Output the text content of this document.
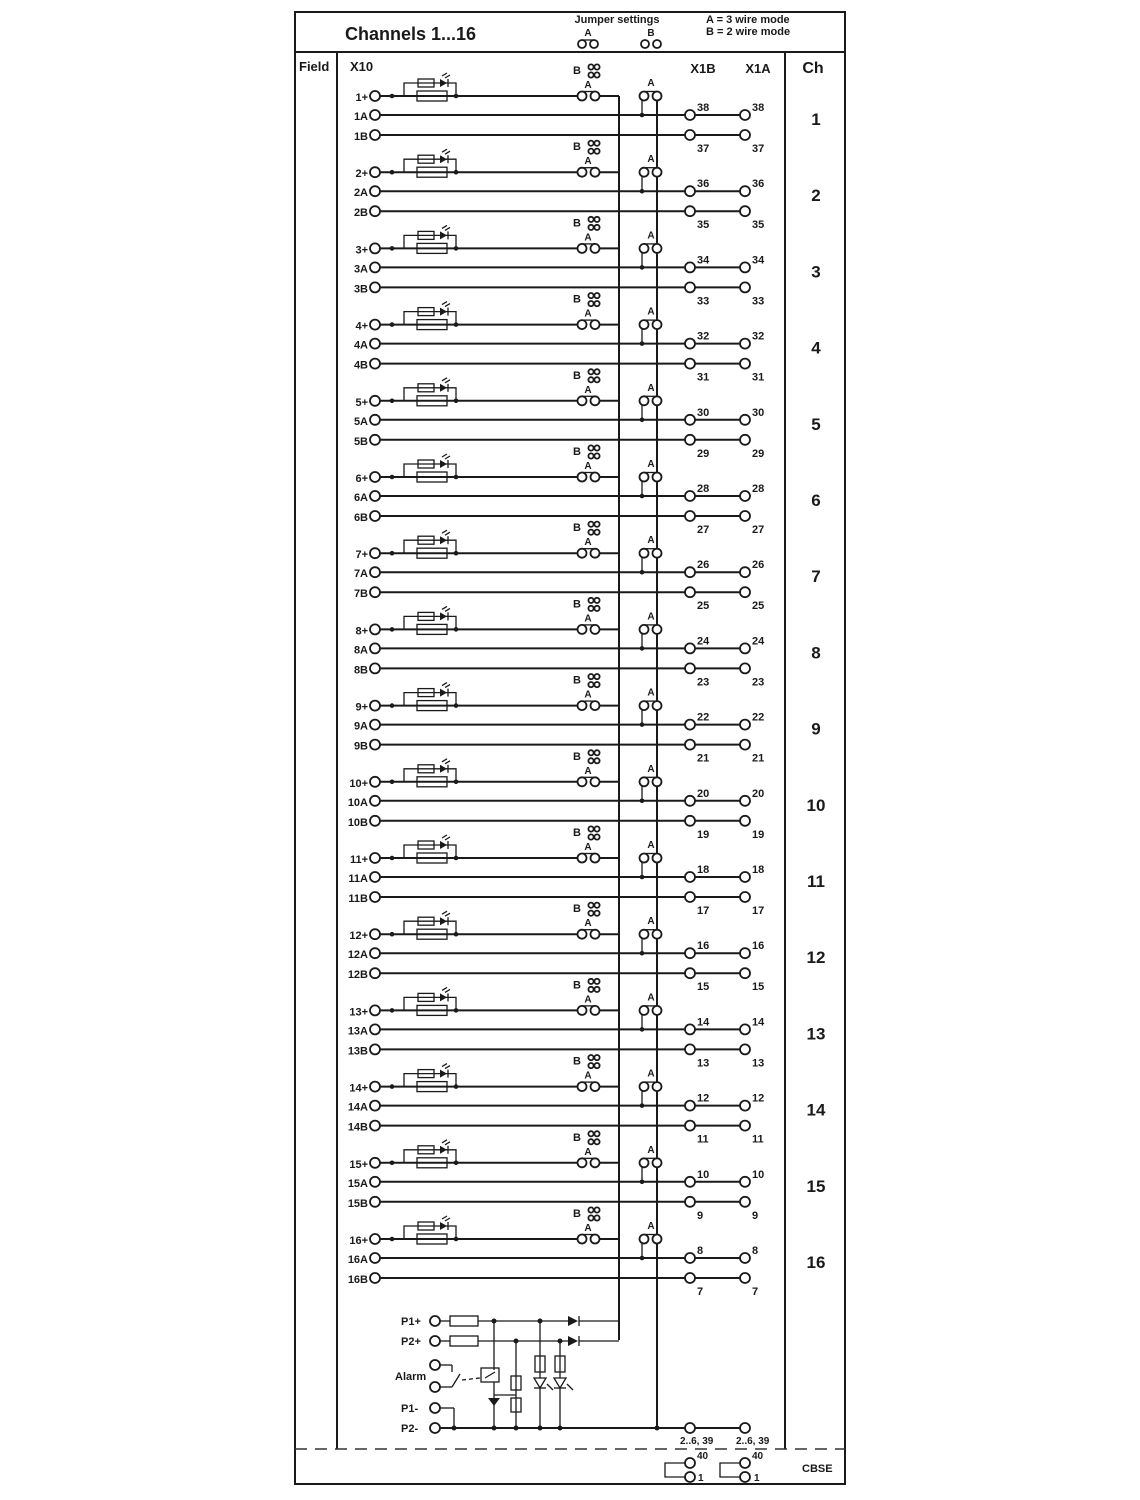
Channels 1...16
Jumper settings
A	B
A = 3 wire mode
B = 2 wire mode
Field X10	X1B X1A Ch
1+
1A
1B
B
A	A
38	38
37	37
1
2+
2A
2B
B
A	A
36	36
35	35
2
3+
3A
3B
B
A	A
34	34
33	33
3
4+
4A
4B
B
A	A
32	32
31	31
4
5+
5A
5B
B
A	A
30	30
29	29
5
6+
6A
6B
B
A	A
28	28
27	27
6
7+
7A
7B
B
A	A
26	26
25	25
7
8+
8A
8B
B
A	A
24	24
23	23
8
9+
9A
9B
B
A	A
22	22
21	21
9
10+
10A
10B
B
A	A
20	20
19	19
10
11+
11A
11B
B
A	A
18	18
17	17
11
12+
12A
12B
B
A	A
16	16
15	15
12
13+
13A
13B
B
A	A
14	14
13	13
13
14+
14A
14B
B
A	A
12	12
11	11
14
15+
15A
15B
B
A	A
10	10
9	9
15
16+
16A
16B
B
A	A
8	8
7	7
16
P1+
P2+
Alarm
P1-
P2-
2..6, 39 2..6, 39
40
1
40
1
CBSE
